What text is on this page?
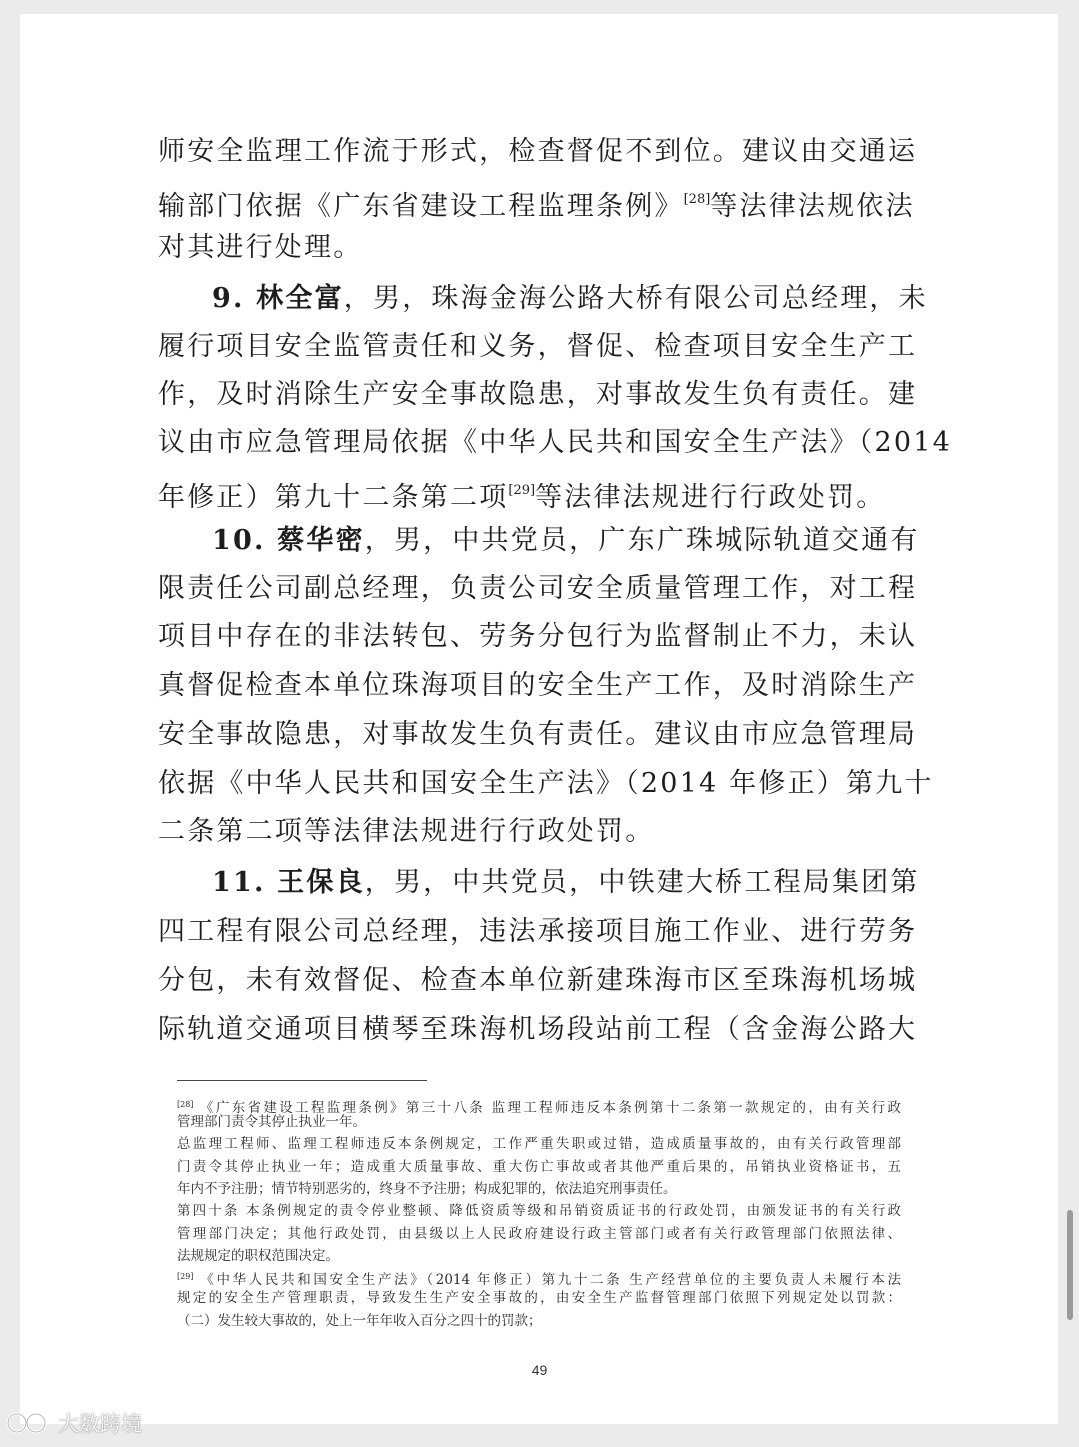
师安全监理工作流于形式，检查督促不到位。建议由交通运
输部门依据《广东省建设工程监理条例》[28]等法律法规依法
对其进行处理。
9. 林全富，男，珠海金海公路大桥有限公司总经理，未
履行项目安全监管责任和义务，督促、检查项目安全生产工
作，及时消除生产安全事故隐患，对事故发生负有责任。建
议由市应急管理局依据《中华人民共和国安全生产法》（2014
年修正）第九十二条第二项[29]等法律法规进行行政处罚。
10. 蔡华密，男，中共党员，广东广珠城际轨道交通有
限责任公司副总经理，负责公司安全质量管理工作，对工程
项目中存在的非法转包、劳务分包行为监督制止不力，未认
真督促检查本单位珠海项目的安全生产工作，及时消除生产
安全事故隐患，对事故发生负有责任。建议由市应急管理局
依据《中华人民共和国安全生产法》（2014 年修正）第九十
二条第二项等法律法规进行行政处罚。
11. 王保良，男，中共党员，中铁建大桥工程局集团第
四工程有限公司总经理，违法承接项目施工作业、进行劳务
分包，未有效督促、检查本单位新建珠海市区至珠海机场城
际轨道交通项目横琴至珠海机场段站前工程（含金海公路大
[28] 《广东省建设工程监理条例》第三十八条 监理工程师违反本条例第十二条第一款规定的，由有关行政
管理部门责令其停止执业一年。
总监理工程师、监理工程师违反本条例规定，工作严重失职或过错，造成质量事故的，由有关行政管理部
门责令其停止执业一年；造成重大质量事故、重大伤亡事故或者其他严重后果的，吊销执业资格证书，五
年内不予注册；情节特别恶劣的，终身不予注册；构成犯罪的，依法追究刑事责任。
第四十条 本条例规定的责令停业整顿、降低资质等级和吊销资质证书的行政处罚，由颁发证书的有关行政
管理部门决定；其他行政处罚，由县级以上人民政府建设行政主管部门或者有关行政管理部门依照法律、
法规规定的职权范围决定。
[29] 《中华人民共和国安全生产法》（2014 年修正）第九十二条 生产经营单位的主要负责人未履行本法
规定的安全生产管理职责，导致发生生产安全事故的，由安全生产监督管理部门依照下列规定处以罚款：
（二）发生较大事故的，处上一年年收入百分之四十的罚款；
49
大数跨境
